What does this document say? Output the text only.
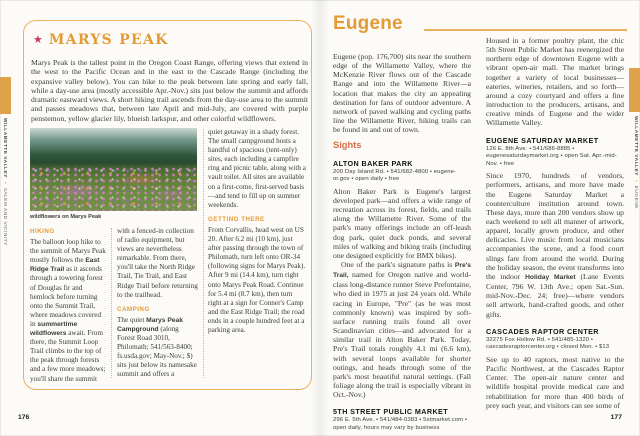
WILLAMETTE VALLEY • SALEM AND VICINITY
176
★ MARYS PEAK

Marys Peak is the tallest point in the Oregon Coast Range, offering views that extend in the west to the Pacific Ocean and in the east to the Cascade Range (including the expansive valley below). You can hike to the peak between late spring and early fall, while a day-use area (mostly accessible Apr.-Nov.) sits just below the summit and affords dramatic eastward views. A short hiking trail ascends from the day-use area to the summit and passes meadows that, between late April and mid-July, are covered with purple penstemon, yellow glacier lily, blueish larkspur, and other colorful wildflowers.

wildflowers on Marys Peak
HIKING

The balloon loop hike to the summit of Marys Peak mostly follows the East Ridge Trail as it ascends through a towering forest of Douglas fir and hemlock before turning onto the Summit Trail, where meadows covered in summertime wildflowers await. From there, the Summit Loop Trail climbs to the top of the peak through forests and a few more meadows; you'll share the summit

with a fenced-in collection of radio equipment, but views are nevertheless remarkable. From there, you'll take the North Ridge Trail, Tie Trail, and East Ridge Trail before returning to the trailhead.

CAMPING

The quiet Marys Peak Campground (along Forest Road 3010, Philomath; 541/563-8400; fs.usda.gov; May-Nov.; $) sits just below its namesake summit and offers a

quiet getaway in a shady forest. The small campground hosts a handful of spacious (tent-only) sites, each including a campfire ring and picnic table, along with a vault toilet. All sites are available on a first-come, first-served basis—and tend to fill up on summer weekends.

GETTING THERE

From Corvallis, head west on US 20. After 6.2 mi (10 km), just after passing through the town of Philomath, turn left onto OR-34 (following signs for Marys Peak). After 9 mi (14.4 km), turn right onto Marys Peak Road. Continue for 5.4 mi (8.7 km), then turn right at a sign for Conner's Camp and the East Ridge Trail; the road ends in a couple hundred feet at a parking area.

WILLAMETTE VALLEY • EUGENE
177
Eugene

Eugene (pop. 176,700) sits near the southern edge of the Willamette Valley, where the McKenzie River flows out of the Cascade Range and into the Willamette River—a location that makes the city an appealing destination for fans of outdoor adventure. A network of paved walking and cycling paths line the Willamette River, hiking trails can be found in and out of town.

Sights
ALTON BAKER PARK
200 Day Island Rd. • 541/682-4800 • eugene-or.gov • open daily • free

Alton Baker Park is Eugene's largest developed park—and offers a wide range of recreation across its forest, fields, and trails along the Willamette River. Some of the park's many offerings include an off-leash dog park, quiet duck ponds, and several miles of walking and biking trails (including one designed explicitly for BMX bikes).

One of the park's signature paths is Pre's Trail, named for Oregon native and world-class long-distance runner Steve Prefontaine, who died in 1975 at just 24 years old. While racing in Europe, "Pre" (as he was most commonly known) was inspired by soft-surface running trails found all over Scandinavian cities—and advocated for a similar trail in Alton Baker Park. Today, Pre's Trail totals roughly 4.1 mi (6.6 km), with several loops available for shorter outings, and heads through some of the park's most beautiful natural settings. (Fall foliage along the trail is especially vibrant in Oct.-Nov.)

5TH STREET PUBLIC MARKET
296 E. 5th Ave. • 541/484-0383 • 5stmarket.com • open daily, hours may vary by business

Housed in a former poultry plant, the chic 5th Street Public Market has reenergized the northern edge of downtown Eugene with a vibrant open-air mall. The market brings together a variety of local businesses—eateries, wineries, retailers, and so forth—around a cozy courtyard and offers a fine introduction to the producers, artisans, and creative minds of Eugene and the wider Willamette Valley.

EUGENE SATURDAY MARKET
126 E. 8th Ave. • 541/686-8885 • eugenesaturdaymarket.org • open Sat. Apr.-mid-Nov. • free

Since 1970, hundreds of vendors, performers, artisans, and more have made the Eugene Saturday Market a counterculture institution around town. These days, more than 200 vendors show up each weekend to sell all manner of artwork, apparel, locally grown produce, and other delicacies. Live music from local musicians accompanies the scene, and a food court slings fare from around the world. During the holiday season, the event transforms into the indoor Holiday Market (Lane Events Center, 796 W. 13th Ave.; open Sat.-Sun. mid-Nov.-Dec. 24; free)—where vendors sell artwork, hand-crafted goods, and other gifts.

CASCADES RAPTOR CENTER
32275 Fox Hollow Rd. • 541/485-1320 • cascadesraptorcenter.org • closed Mon. • $13

See up to 40 raptors, most native to the Pacific Northwest, at the Cascades Raptor Center. The open-air nature center and wildlife hospital provide medical care and rehabilitation for more than 400 birds of prey each year, and visitors can see some of
